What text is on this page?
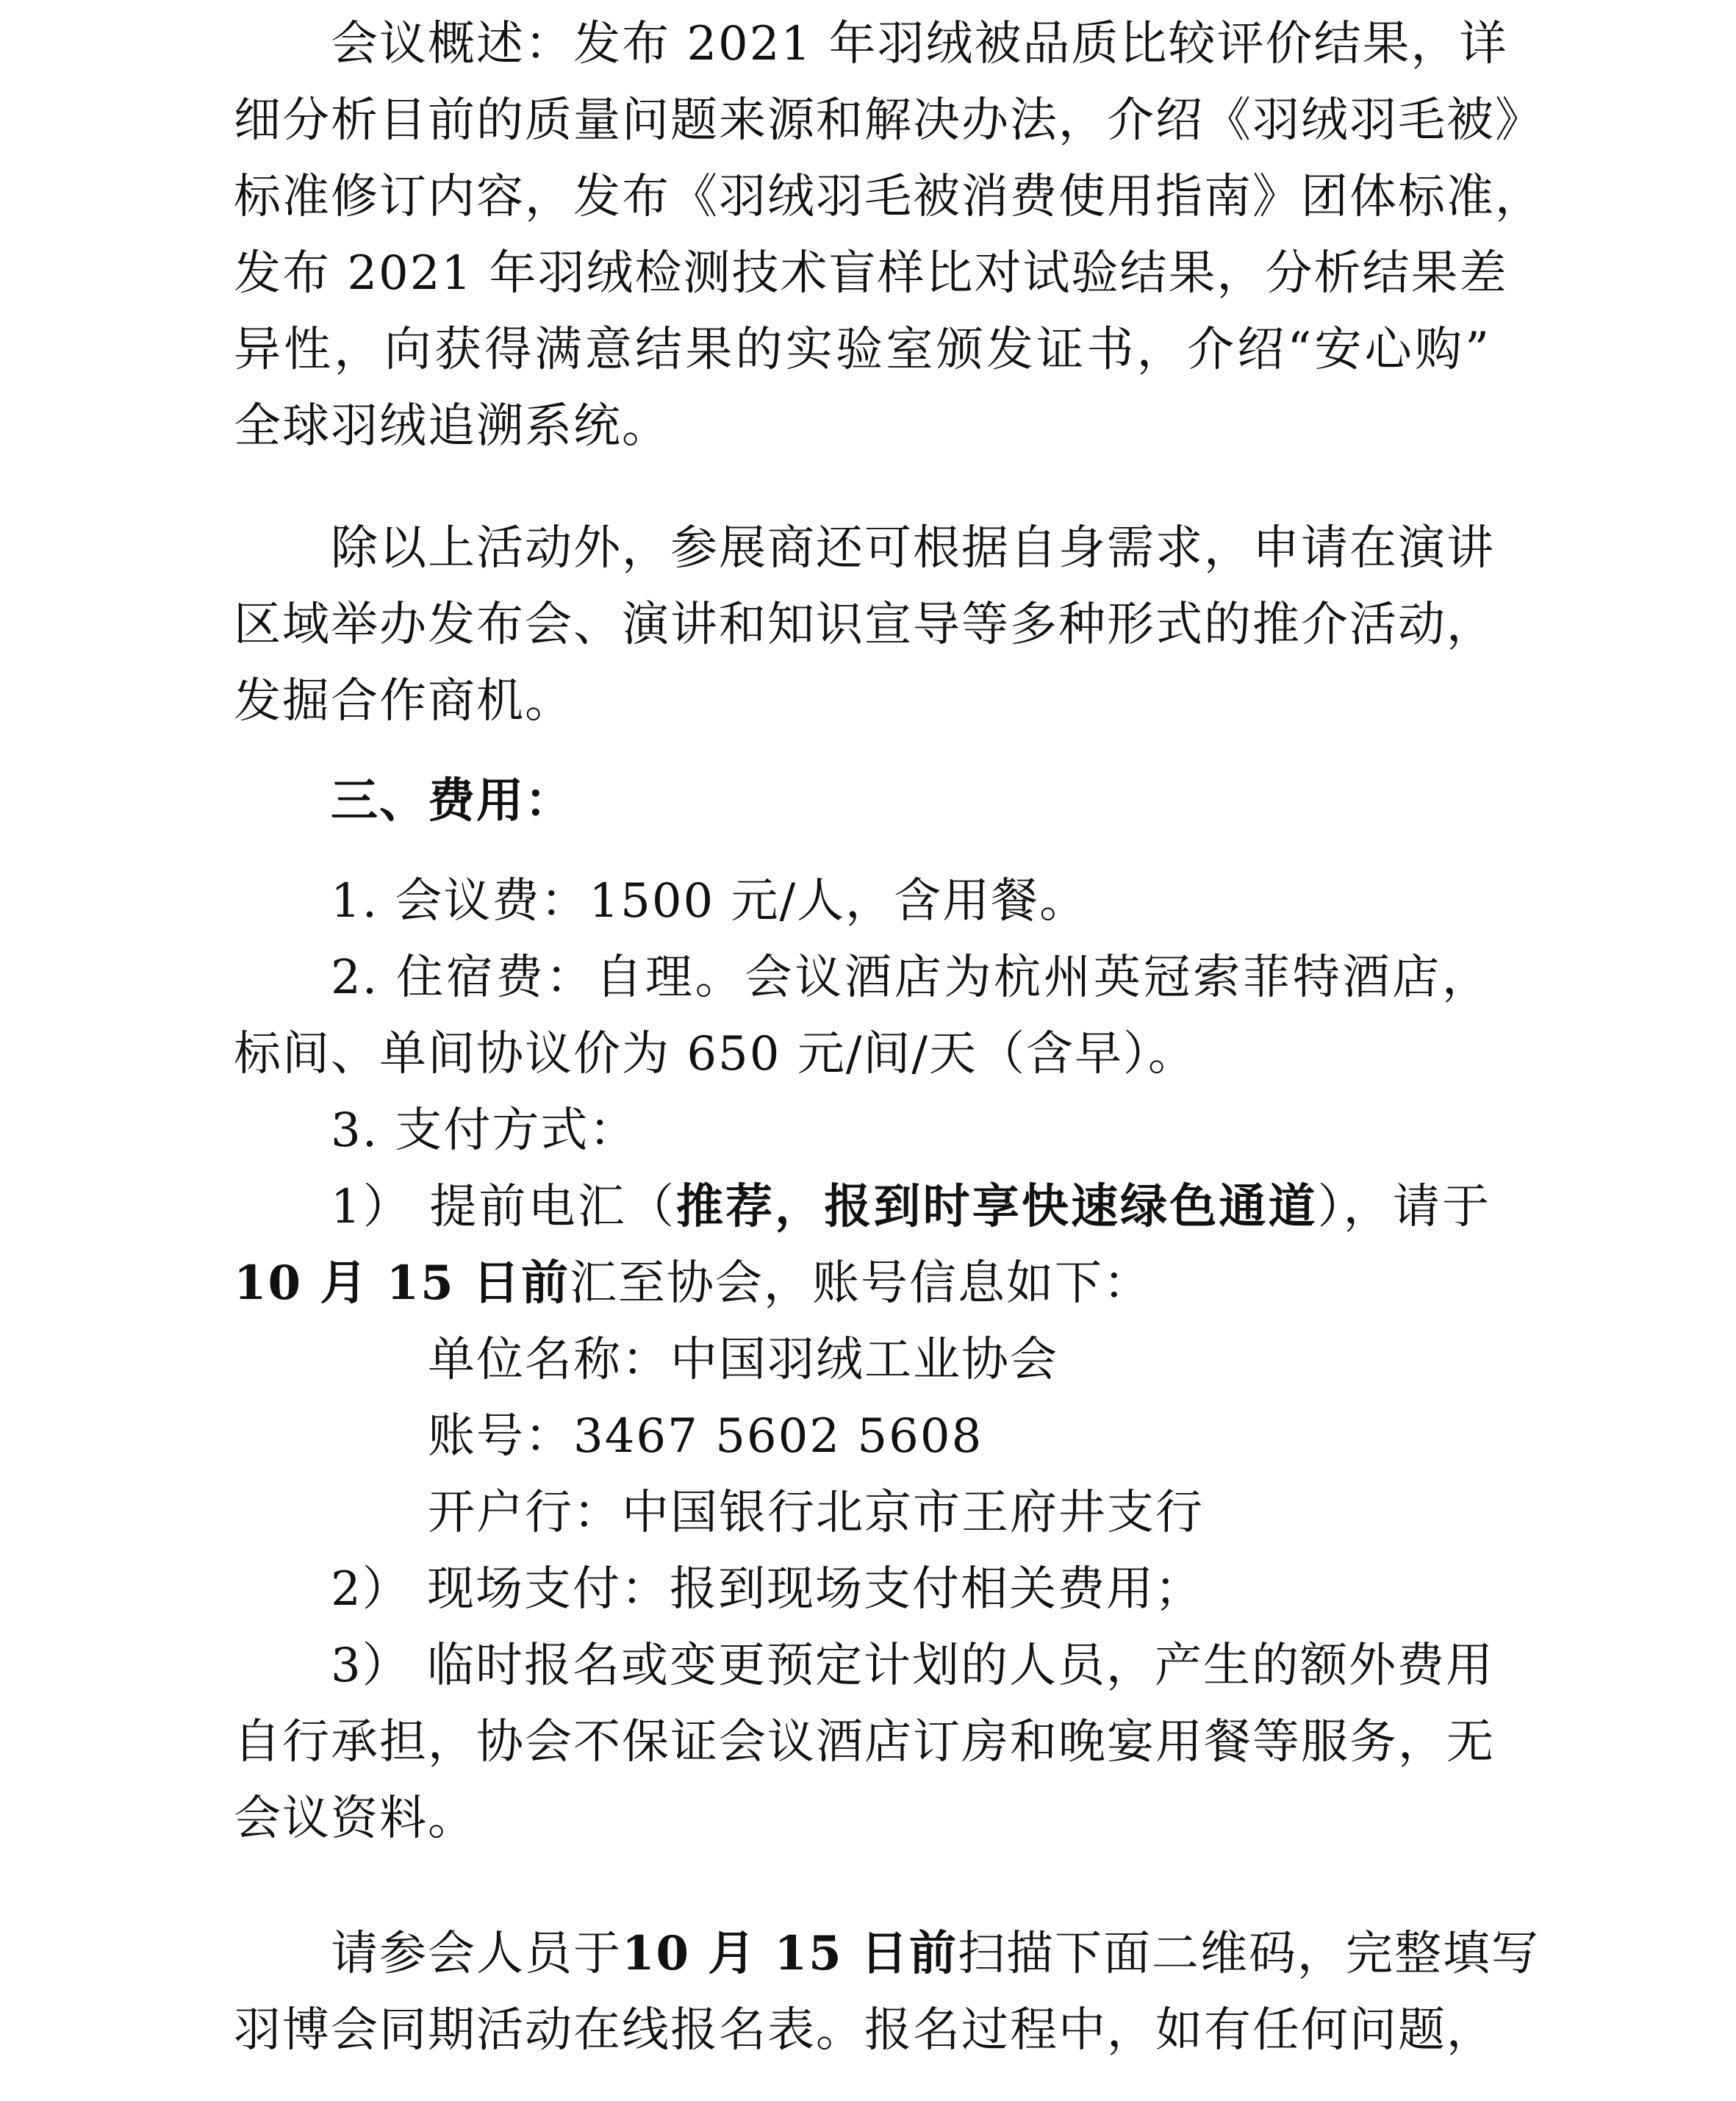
会议概述：发布 2021 年羽绒被品质比较评价结果，详
细分析目前的质量问题来源和解决办法，介绍《羽绒羽毛被》
标准修订内容，发布《羽绒羽毛被消费使用指南》团体标准，
发布 2021 年羽绒检测技术盲样比对试验结果，分析结果差
异性，向获得满意结果的实验室颁发证书，介绍“安心购”
全球羽绒追溯系统。
除以上活动外，参展商还可根据自身需求，申请在演讲
区域举办发布会、演讲和知识宣导等多种形式的推介活动，
发掘合作商机。
三、费用：
1. 会议费：1500 元/人，含用餐。
2. 住宿费：自理。会议酒店为杭州英冠索菲特酒店，
标间、单间协议价为 650 元/间/天（含早）。
3. 支付方式：
1） 提前电汇（推荐，报到时享快速绿色通道），请于
10 月 15 日前汇至协会，账号信息如下：
单位名称：中国羽绒工业协会
账号：3467 5602 5608
开户行：中国银行北京市王府井支行
2） 现场支付：报到现场支付相关费用；
3） 临时报名或变更预定计划的人员，产生的额外费用
自行承担，协会不保证会议酒店订房和晚宴用餐等服务，无
会议资料。
请参会人员于10 月 15 日前扫描下面二维码，完整填写
羽博会同期活动在线报名表。报名过程中，如有任何问题，
